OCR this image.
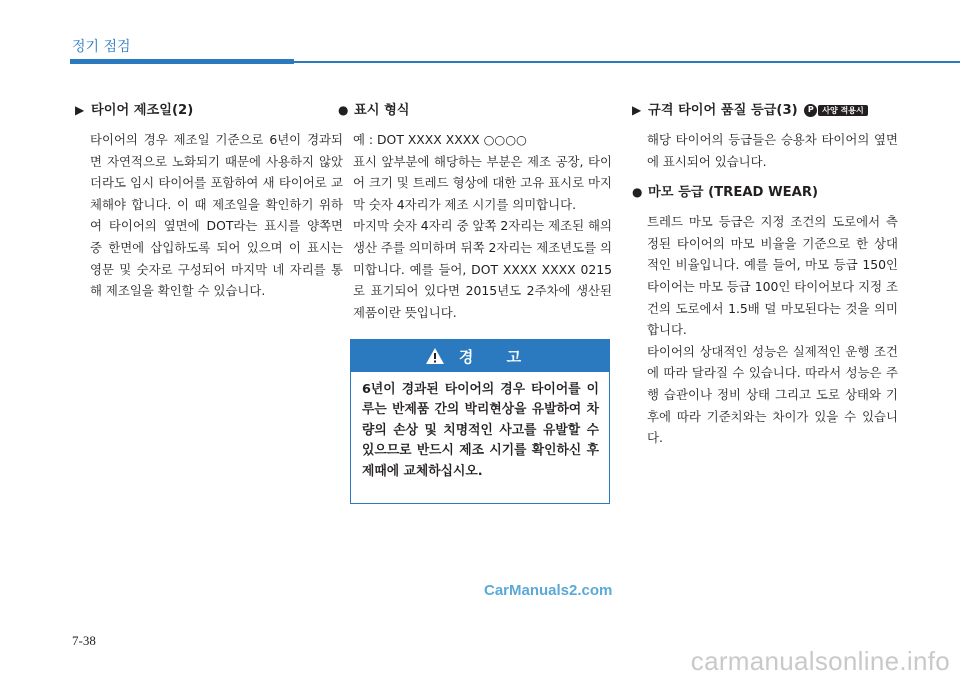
정기 점검
▶ 타이어 제조일(2)

타이어의 경우 제조일 기준으로 6년이 경과되면 자연적으로 노화되기 때문에 사용하지 않았더라도 임시 타이어를 포함하여 새 타이어로 교체해야 합니다. 이 때 제조일을 확인하기 위하여 타이어의 옆면에 DOT라는 표시를 양쪽면 중 한면에 삽입하도록 되어 있으며 이 표시는 영문 및 숫자로 구성되어 마지막 네 자리를 통해 제조일을 확인할 수 있습니다.

● 표시 형식

예 : DOT XXXX XXXX ○○○○

표시 앞부분에 해당하는 부분은 제조 공장, 타이어 크기 및 트레드 형상에 대한 고유 표시로 마지막 숫자 4자리가 제조 시기를 의미합니다.

마지막 숫자 4자리 중 앞쪽 2자리는 제조된 해의 생산 주를 의미하며 뒤쪽 2자리는 제조년도를 의미합니다. 예를 들어, DOT XXXX XXXX 0215로 표기되어 있다면 2015년도 2주차에 생산된 제품이란 뜻입니다.

경 고
6년이 경과된 타이어의 경우 타이어를 이루는 반제품 간의 박리현상을 유발하여 차량의 손상 및 치명적인 사고를 유발할 수 있으므로 반드시 제조 시기를 확인하신 후 제때에 교체하십시오.
▶ 규격 타이어 품질 등급(3)	P	사양 적용시

해당 타이어의 등급들은 승용차 타이어의 옆면에 표시되어 있습니다.

● 마모 등급 (TREAD WEAR)

트레드 마모 등급은 지정 조건의 도로에서 측정된 타이어의 마모 비율을 기준으로 한 상대적인 비율입니다. 예를 들어, 마모 등급 150인 타이어는 마모 등급 100인 타이어보다 지정 조건의 도로에서 1.5배 덜 마모된다는 것을 의미합니다.

타이어의 상대적인 성능은 실제적인 운행 조건에 따라 달라질 수 있습니다. 따라서 성능은 주행 습관이나 정비 상태 그리고 도로 상태와 기후에 따라 기준치와는 차이가 있을 수 있습니다.

CarManuals2.com
7-38
carmanualsonline.info
